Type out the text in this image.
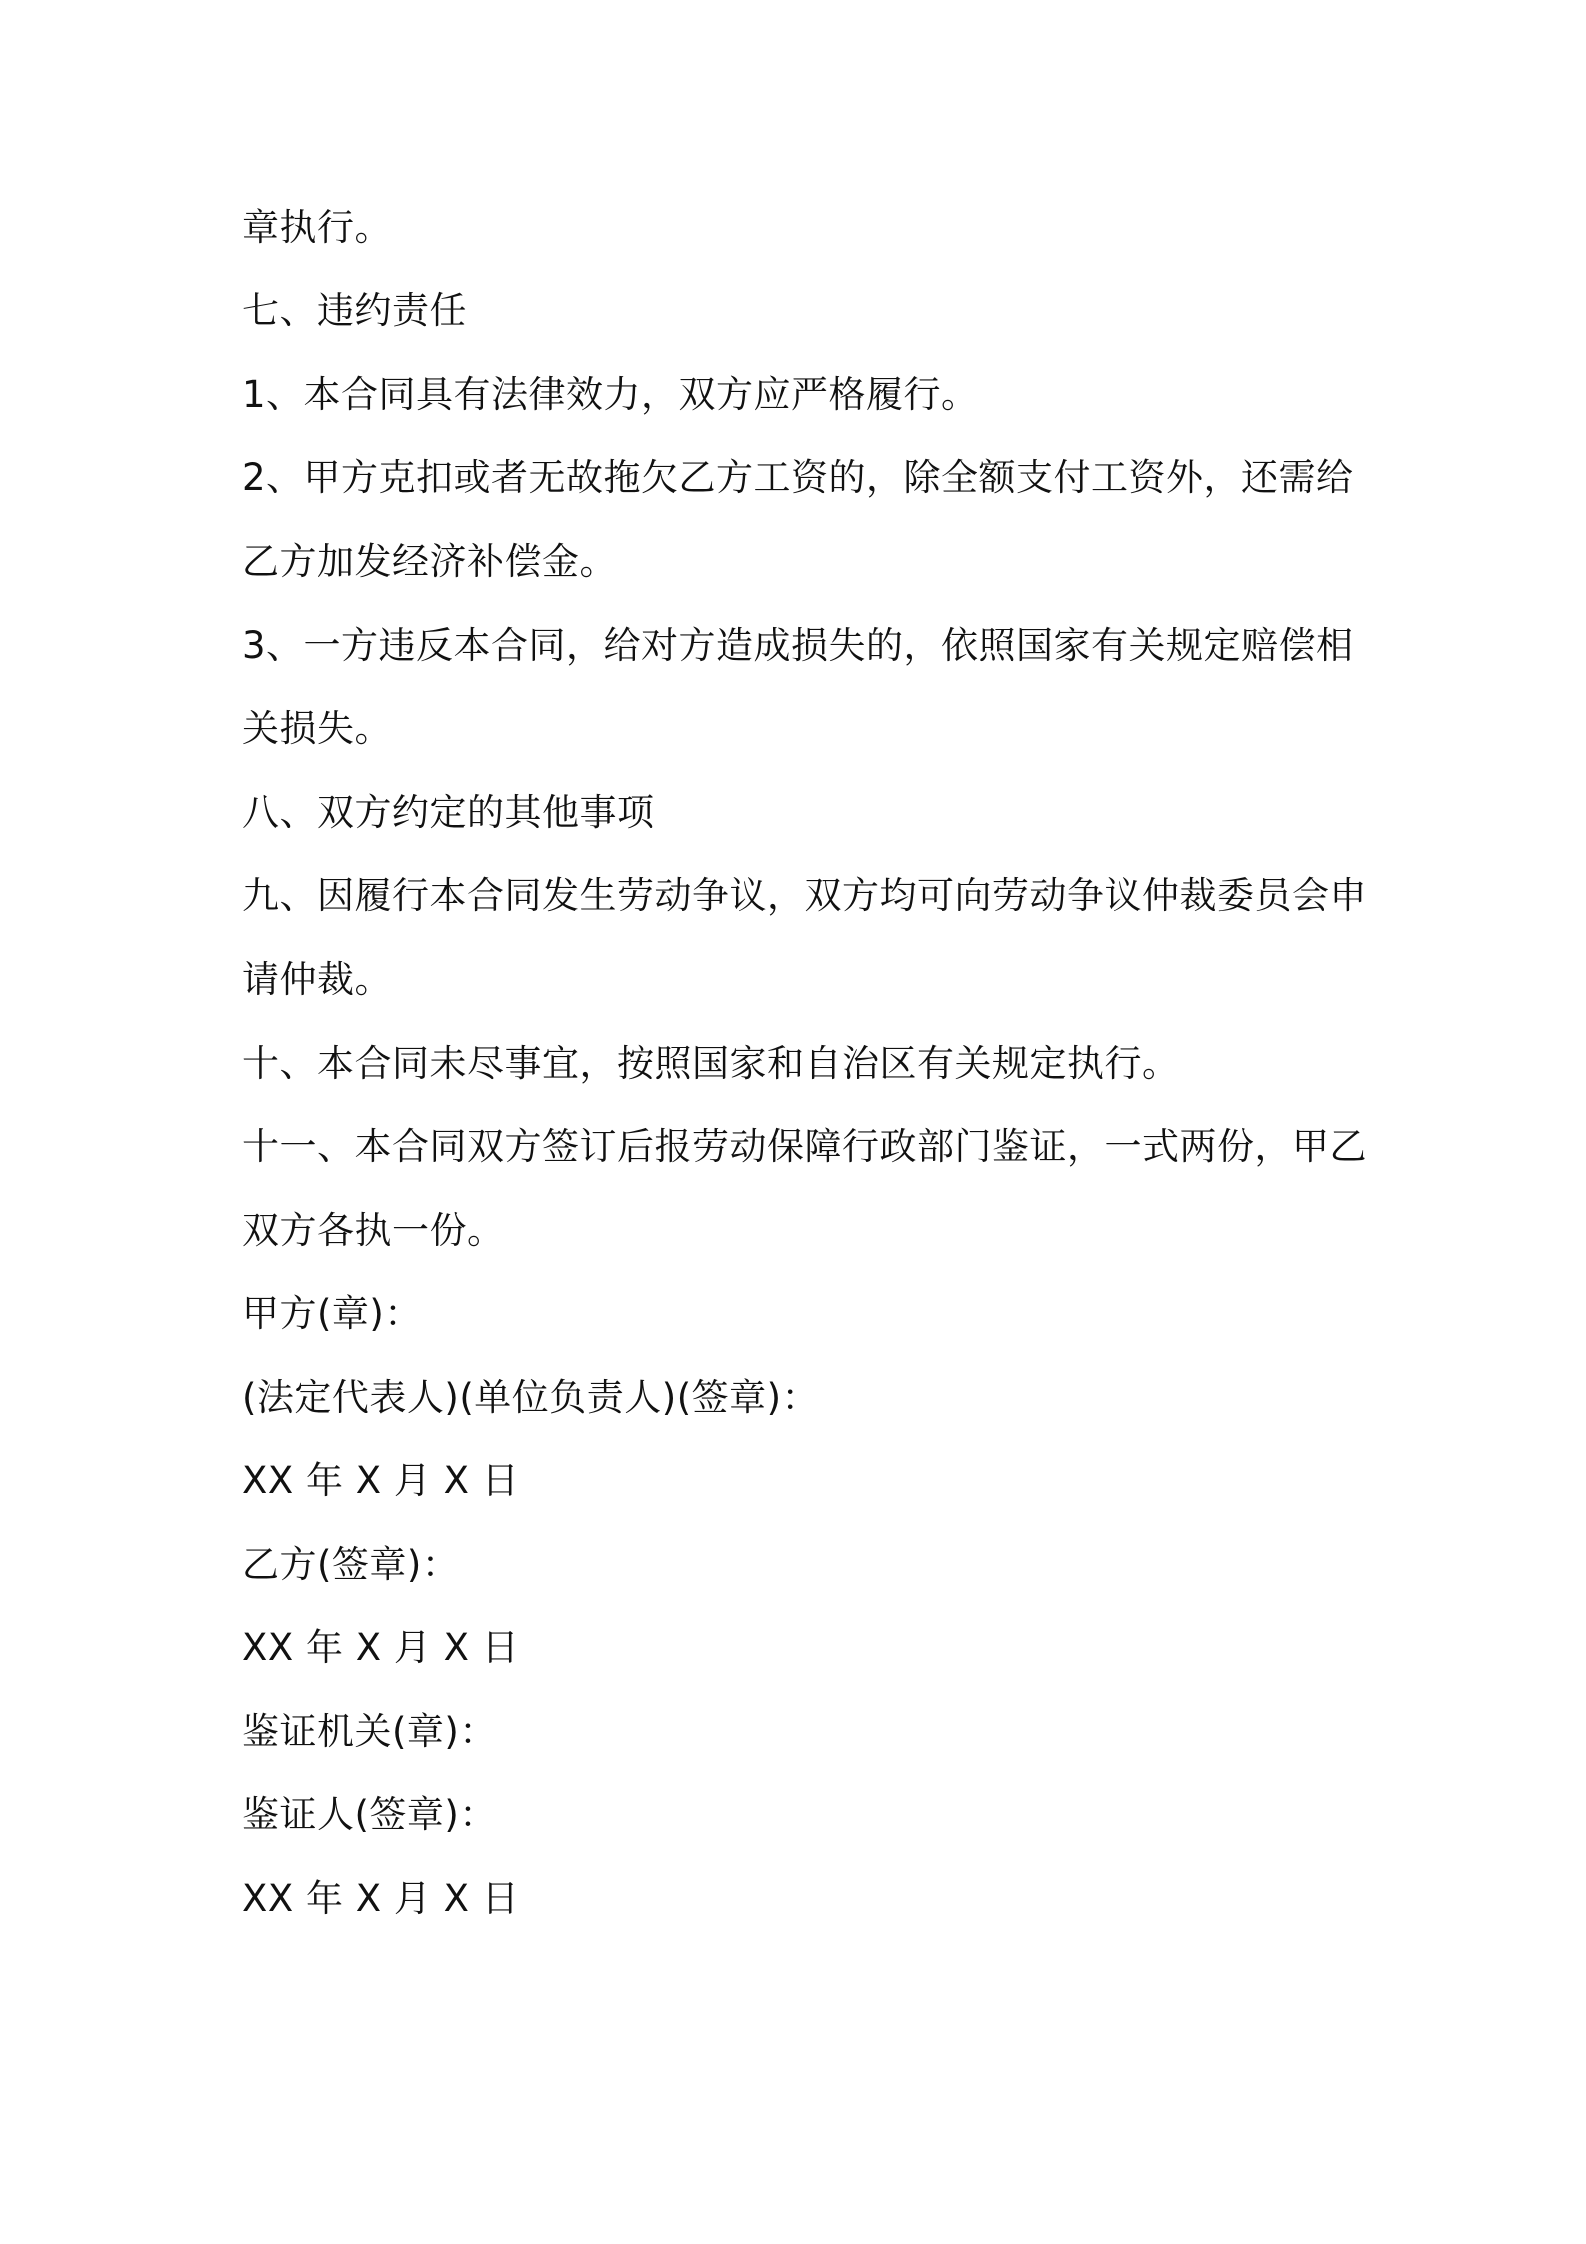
章执行。
七、违约责任
1、本合同具有法律效力，双方应严格履行。
2、甲方克扣或者无故拖欠乙方工资的，除全额支付工资外，还需给
乙方加发经济补偿金。
3、一方违反本合同，给对方造成损失的，依照国家有关规定赔偿相
关损失。
八、双方约定的其他事项
九、因履行本合同发生劳动争议，双方均可向劳动争议仲裁委员会申
请仲裁。
十、本合同未尽事宜，按照国家和自治区有关规定执行。
十一、本合同双方签订后报劳动保障行政部门鉴证，一式两份，甲乙
双方各执一份。
甲方(章)：
(法定代表人)(单位负责人)(签章)：
XX 年 X 月 X 日
乙方(签章)：
XX 年 X 月 X 日
鉴证机关(章)：
鉴证人(签章)：
XX 年 X 月 X 日
